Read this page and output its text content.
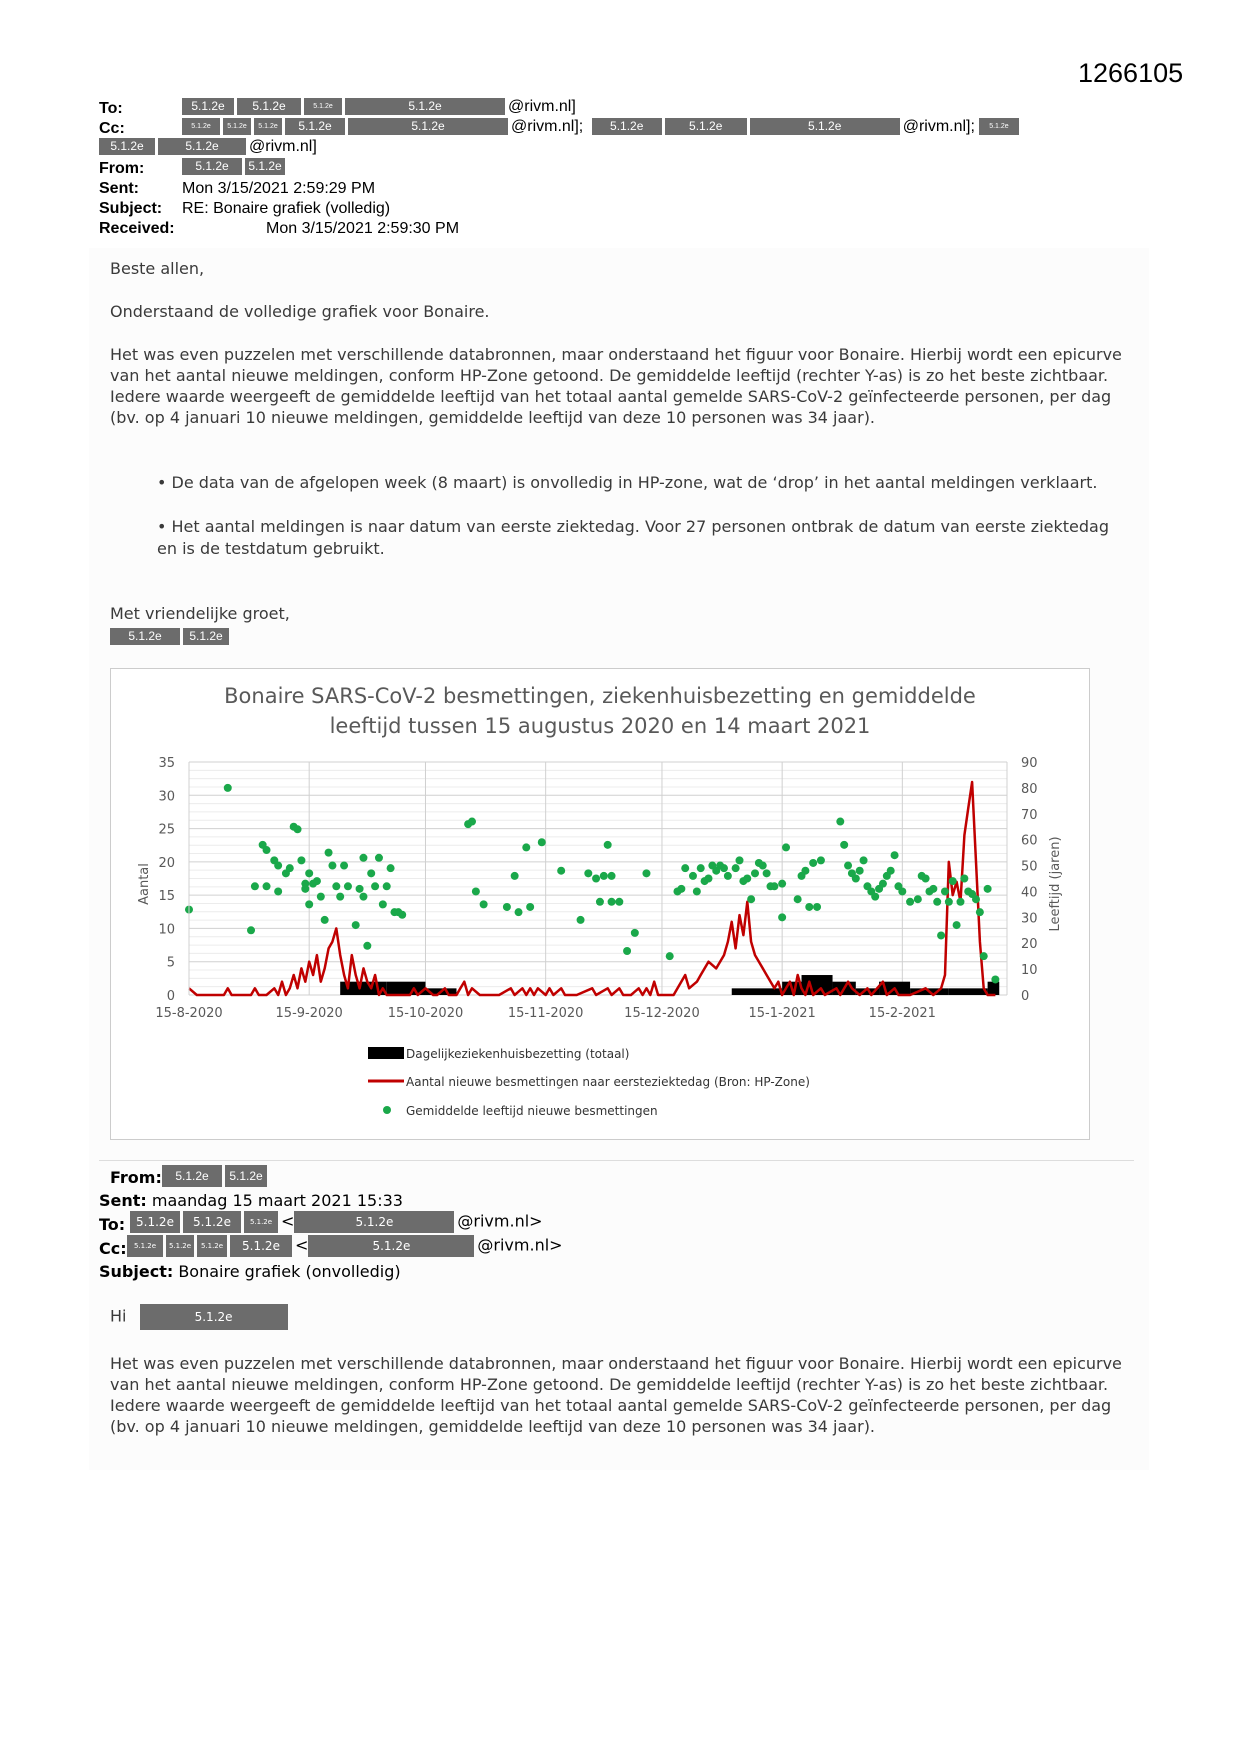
1266105
To:	5.1.2e 5.1.2e	5.1.2e	5.1.2e	@rivm.nl]
Cc:	5.1.2e 5.1.2e 5.1.2e 5.1.2e	5.1.2e	@rivm.nl]; 5.1.2e	5.1.2e	5.1.2e	@rivm.nl]; 5.1.2e
5.1.2e	5.1.2e @rivm.nl]
From:	5.1.2e 5.1.2e
Sent:	Mon 3/15/2021 2:59:29 PM
Subject: RE: Bonaire grafiek (volledig)
Received:	Mon 3/15/2021 2:59:30 PM
Beste allen,
Onderstaand de volledige grafiek voor Bonaire.
Het was even puzzelen met verschillende databronnen, maar onderstaand het figuur voor Bonaire. Hierbij wordt een epicurve van het aantal nieuwe meldingen, conform HP-Zone getoond. De gemiddelde leeftijd (rechter Y-as) is zo het beste zichtbaar. Iedere waarde weergeeft de gemiddelde leeftijd van het totaal aantal gemelde SARS-CoV-2 geïnfecteerde personen, per dag (bv. op 4 januari 10 nieuwe meldingen, gemiddelde leeftijd van deze 10 personen was 34 jaar).
• De data van de afgelopen week (8 maart) is onvolledig in HP-zone, wat de ‘drop’ in het aantal meldingen verklaart.
• Het aantal meldingen is naar datum van eerste ziektedag. Voor 27 personen ontbrak de datum van eerste ziektedag en is de testdatum gebruikt.
Met vriendelijke groet,
5.1.2e 5.1.2e
Bonaire SARS-CoV-2 besmettingen, ziekenhuisbezetting en gemiddelde
leeftijd tussen 15 augustus 2020 en 14 maart 2021
0
5
10
15
20
25
30
35
0
10
20
30
40
50
60
70
80
90
15-8-2020	15-9-2020	15-10-2020	15-11-2020	15-12-2020	15-1-2021	15-2-2021
Aantal	Leeftijd (jaren)
Dagelijkeziekenhuisbezetting (totaal)
Aantal nieuwe besmettingen naar eersteziektedag (Bron: HP-Zone)
Gemiddelde leeftijd nieuwe besmettingen
From:	5.1.2e 5.1.2e
Sent: maandag 15 maart 2021 15:33
To: 5.1.2e 5.1.2e	5.1.2e <	5.1.2e	@rivm.nl>
Cc:	5.1.2e 5.1.2e 5.1.2e 5.1.2e <	5.1.2e	@rivm.nl>
Subject: Bonaire grafiek (onvolledig)
Hi	5.1.2e
Het was even puzzelen met verschillende databronnen, maar onderstaand het figuur voor Bonaire. Hierbij wordt een epicurve van het aantal nieuwe meldingen, conform HP-Zone getoond. De gemiddelde leeftijd (rechter Y-as) is zo het beste zichtbaar. Iedere waarde weergeeft de gemiddelde leeftijd van het totaal aantal gemelde SARS-CoV-2 geïnfecteerde personen, per dag (bv. op 4 januari 10 nieuwe meldingen, gemiddelde leeftijd van deze 10 personen was 34 jaar).
